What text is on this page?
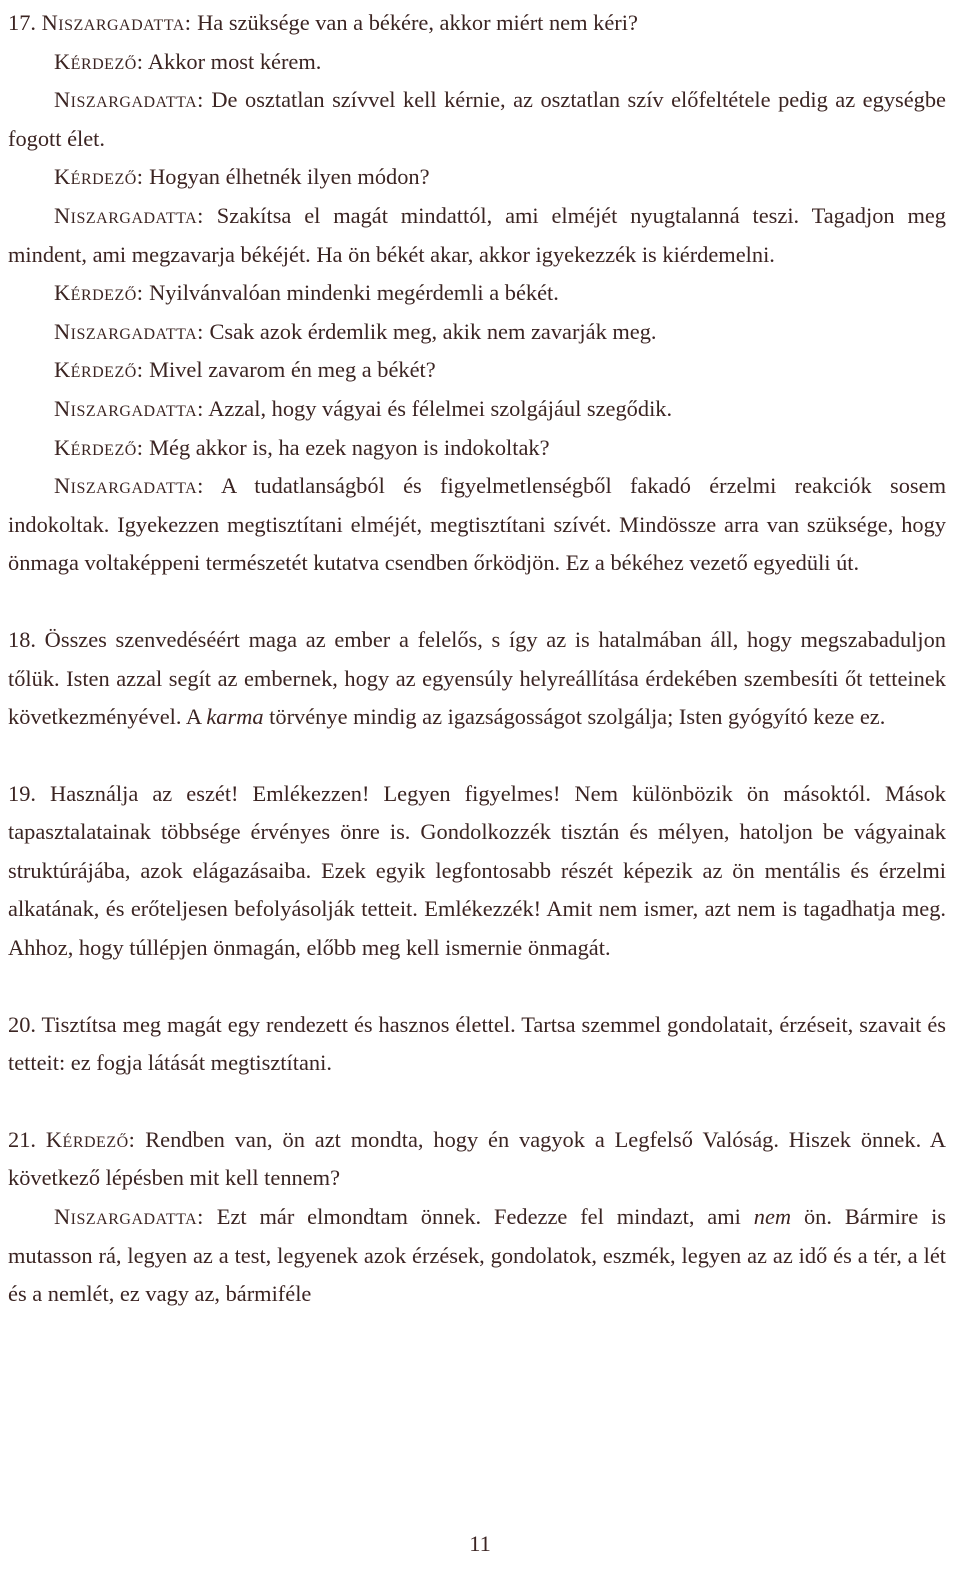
17. Niszargadatta: Ha szüksége van a békére, akkor miért nem kéri?

Kérdező: Akkor most kérem.

Niszargadatta: De osztatlan szívvel kell kérnie, az osztatlan szív előfeltétele pedig az egységbe fogott élet.

Kérdező: Hogyan élhetnék ilyen módon?

Niszargadatta: Szakítsa el magát mindattól, ami elméjét nyugtalanná teszi. Tagadjon meg mindent, ami megzavarja békéjét. Ha ön békét akar, akkor igyekezzék is kiérdemelni.

Kérdező: Nyilvánvalóan mindenki megérdemli a békét.

Niszargadatta: Csak azok érdemlik meg, akik nem zavarják meg.

Kérdező: Mivel zavarom én meg a békét?

Niszargadatta: Azzal, hogy vágyai és félelmei szolgájául szegődik.

Kérdező: Még akkor is, ha ezek nagyon is indokoltak?

Niszargadatta: A tudatlanságból és figyelmetlenségből fakadó érzelmi reakciók sosem indokoltak. Igyekezzen megtisztítani elméjét, megtisztítani szívét. Mindössze arra van szüksége, hogy önmaga voltaképpeni természetét kutatva csendben őrködjön. Ez a békéhez vezető egyedüli út.

18. Összes szenvedéséért maga az ember a felelős, s így az is hatalmában áll, hogy megszabaduljon tőlük. Isten azzal segít az embernek, hogy az egyensúly helyreállítása érdekében szembesíti őt tetteinek következményével. A karma törvénye mindig az igazságosságot szolgálja; Isten gyógyító keze ez.

19. Használja az eszét! Emlékezzen! Legyen figyelmes! Nem különbözik ön másoktól. Mások tapasztalatainak többsége érvényes önre is. Gondolkozzék tisztán és mélyen, hatoljon be vágyainak struktúrájába, azok elágazásaiba. Ezek egyik legfontosabb részét képezik az ön mentális és érzelmi alkatának, és erőteljesen befolyásolják tetteit. Emlékezzék! Amit nem ismer, azt nem is tagadhatja meg. Ahhoz, hogy túllépjen önmagán, előbb meg kell ismernie önmagát.

20. Tisztítsa meg magát egy rendezett és hasznos élettel. Tartsa szemmel gondolatait, érzéseit, szavait és tetteit: ez fogja látását megtisztítani.

21. Kérdező: Rendben van, ön azt mondta, hogy én vagyok a Legfelső Valóság. Hiszek önnek. A következő lépésben mit kell tennem?

Niszargadatta: Ezt már elmondtam önnek. Fedezze fel mindazt, ami nem ön. Bármire is mutasson rá, legyen az a test, legyenek azok érzések, gondolatok, eszmék, legyen az az idő és a tér, a lét és a nemlét, ez vagy az, bármiféle

11
